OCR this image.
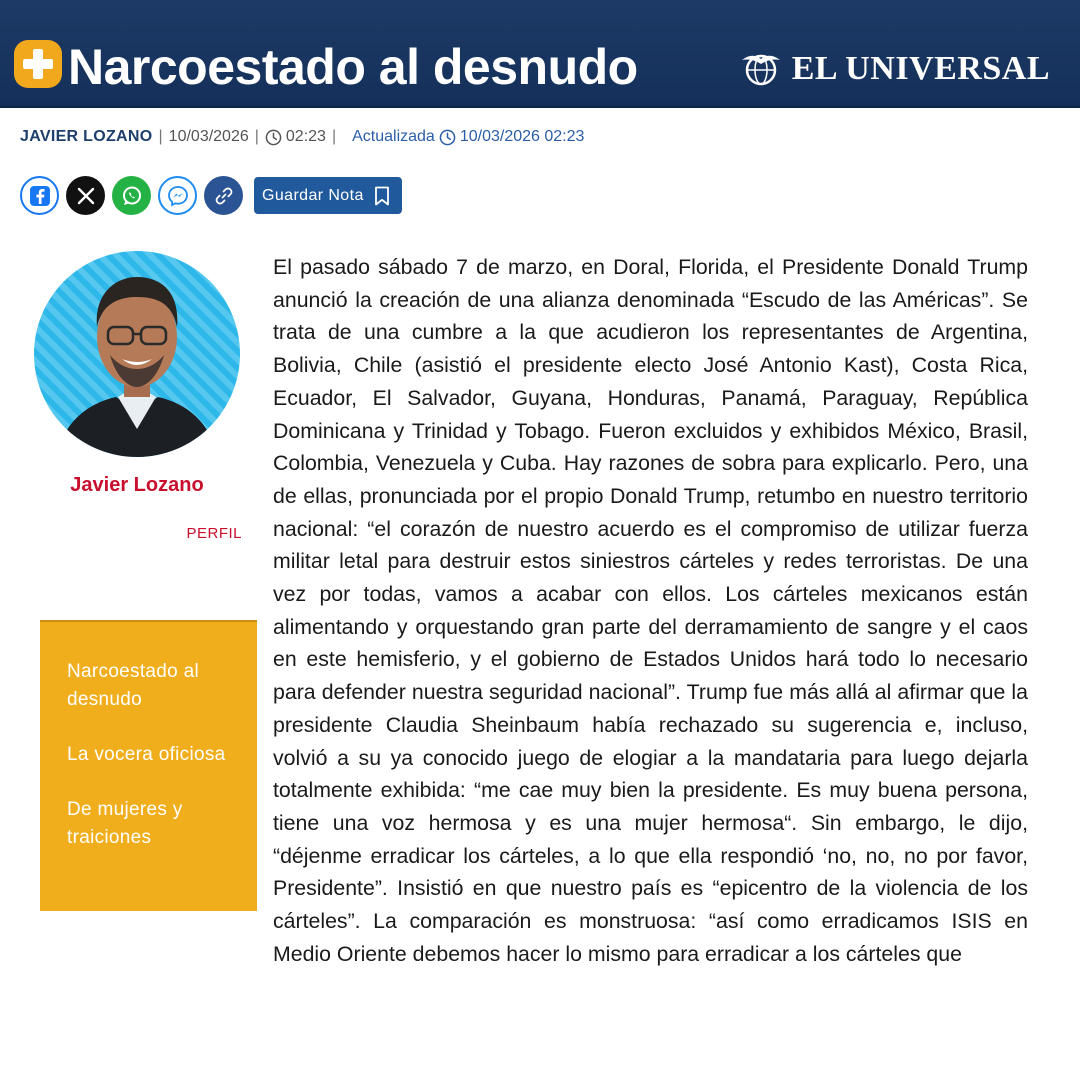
Narcoestado al desnudo	EL UNIVERSAL
JAVIER LOZANO | 10/03/2026 | 02:23 | Actualizada 10/03/2026 02:23
Guardar Nota
Javier Lozano
PERFIL
Narcoestado al desnudo
La vocera oficiosa
De mujeres y traiciones
El pasado sábado 7 de marzo, en Doral, Florida, el Presidente Donald Trump anunció la creación de una alianza denominada “Escudo de las Américas”. Se trata de una cumbre a la que acudieron los representantes de Argentina, Bolivia, Chile (asistió el presidente electo José Antonio Kast), Costa Rica, Ecuador, El Salvador, Guyana, Honduras, Panamá, Paraguay, República Dominicana y Trinidad y Tobago. Fueron excluidos y exhibidos México, Brasil, Colombia, Venezuela y Cuba. Hay razones de sobra para explicarlo. Pero, una de ellas, pronunciada por el propio Donald Trump, retumbo en nuestro territorio nacional: “el corazón de nuestro acuerdo es el compromiso de utilizar fuerza militar letal para destruir estos siniestros cárteles y redes terroristas. De una vez por todas, vamos a acabar con ellos. Los cárteles mexicanos están alimentando y orquestando gran parte del derramamiento de sangre y el caos en este hemisferio, y el gobierno de Estados Unidos hará todo lo necesario para defender nuestra seguridad nacional”. Trump fue más allá al afirmar que la presidente Claudia Sheinbaum había rechazado su sugerencia e, incluso, volvió a su ya conocido juego de elogiar a la mandataria para luego dejarla totalmente exhibida: “me cae muy bien la presidente. Es muy buena persona, tiene una voz hermosa y es una mujer hermosa“. Sin embargo, le dijo, “déjenme erradicar los cárteles, a lo que ella respondió ‘no, no, no por favor, Presidente”. Insistió en que nuestro país es “epicentro de la violencia de los cárteles”. La comparación es monstruosa: “así como erradicamos ISIS en Medio Oriente debemos hacer lo mismo para erradicar a los cárteles que
